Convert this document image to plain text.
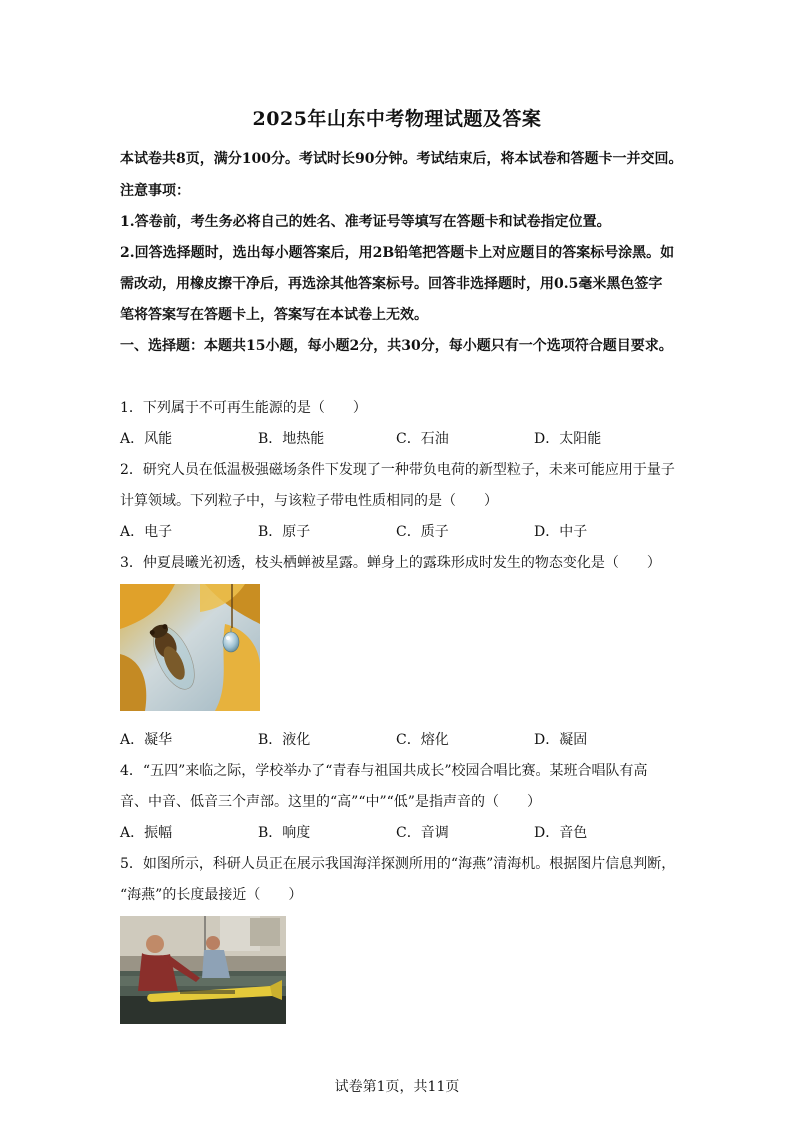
2025年山东中考物理试题及答案
本试卷共8页，满分100分。考试时长90分钟。考试结束后，将本试卷和答题卡一并交回。
注意事项：
1.答卷前，考生务必将自己的姓名、准考证号等填写在答题卡和试卷指定位置。
2.回答选择题时，选出每小题答案后，用2B铅笔把答题卡上对应题目的答案标号涂黑。如
需改动，用橡皮擦干净后，再选涂其他答案标号。回答非选择题时，用0.5毫米黑色签字
笔将答案写在答题卡上，答案写在本试卷上无效。
一、选择题：本题共15小题，每小题2分，共30分，每小题只有一个选项符合题目要求。
1．下列属于不可再生能源的是（　　）
A．风能	B．地热能	C．石油	D．太阳能
2．研究人员在低温极强磁场条件下发现了一种带负电荷的新型粒子，未来可能应用于量子
计算领域。下列粒子中，与该粒子带电性质相同的是（　　）
A．电子	B．原子	C．质子	D．中子
3．仲夏晨曦光初透，枝头栖蝉被星露。蝉身上的露珠形成时发生的物态变化是（　　）
A．凝华	B．液化	C．熔化	D．凝固
4．“五四”来临之际，学校举办了“青春与祖国共成长”校园合唱比赛。某班合唱队有高
音、中音、低音三个声部。这里的“高”“中”“低”是指声音的（　　）
A．振幅	B．响度	C．音调	D．音色
5．如图所示，科研人员正在展示我国海洋探测所用的“海燕”清海机。根据图片信息判断，
“海燕”的长度最接近（　　）
试卷第1页，共11页
